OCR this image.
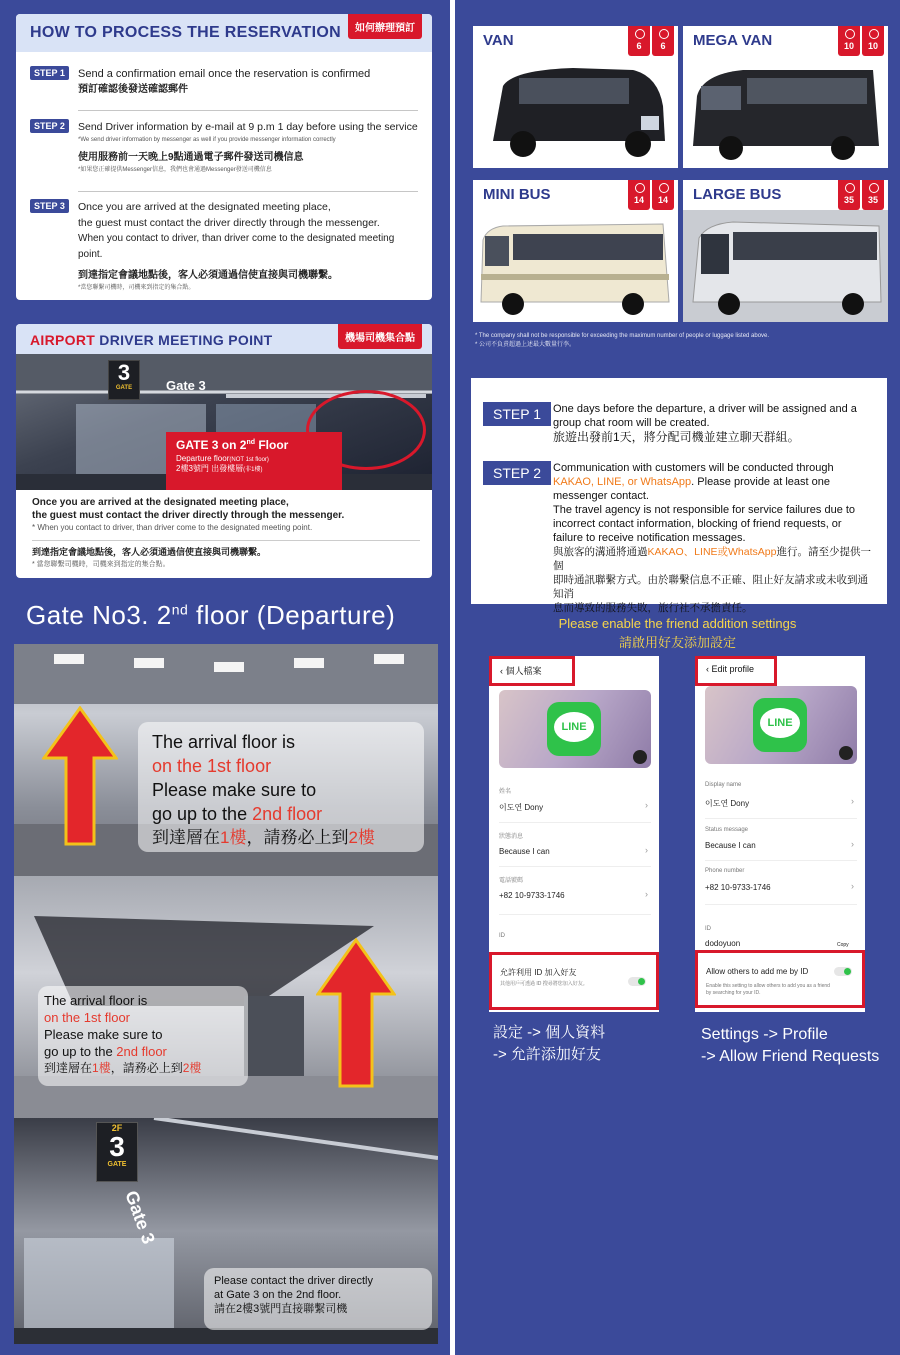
HOW TO PROCESS THE RESERVATION	如何辦理預訂
STEP 1	Send a confirmation email once the reservation is confirmed
預訂確認後發送確認郵件
STEP 2	Send Driver information by e-mail at 9 p.m 1 day before using the service
*We send driver information by messenger as well if you provide messenger information correctly
使用服務前一天晚上9點通過電子郵件發送司機信息
*如果您正確提供Messenger信息，我們也會通過Messenger發送司機信息
STEP 3	Once you are arrived at the designated meeting place,
the guest must contact the driver directly through the messenger.
When you contact to driver, than driver come to the designated meeting point.
到達指定會議地點後，客人必須通過信使直接與司機聯繫。
*當您聯繫司機時，司機來到指定的集合點。
AIRPORT DRIVER MEETING POINT	機場司機集合點
3
GATE	Gate 3
GATE 3 on 2nd Floor
Departure floor(NOT 1st floor)
2樓3號門 出發樓層(非1樓)
Once you are arrived at the designated meeting place,
the guest must contact the driver directly through the messenger.
* When you contact to driver, than driver come to the designated meeting point.
到達指定會議地點後，客人必須通過信使直接與司機聯繫。
* 當您聯繫司機時，司機來到指定的集合點。
Gate No3. 2nd floor (Departure)
The arrival floor is
on the 1st floor
Please make sure to
go up to the 2nd floor
到達層在1樓，請務必上到2樓
The arrival floor is
on the 1st floor
Please make sure to
go up to the 2nd floor
到達層在1樓，請務必上到2樓
2F
3
GATE
Gate 3
Please contact the driver directly
at Gate 3 on the 2nd floor.
請在2樓3號門直接聯繫司機
VAN	6	6	MEGA VAN	10	10
MINI BUS	14	14	LARGE BUS	35	35
* The company shall not be responsible for exceeding the maximum number of people or luggage listed above.
* 公司不負責超過上述最大數量行李。
STEP 1	One days before the departure, a driver will be assigned and a
group chat room will be created.
旅遊出發前1天，將分配司機並建立聊天群組。
STEP 2	Communication with customers will be conducted through
KAKAO, LINE, or WhatsApp. Please provide at least one
messenger contact.
The travel agency is not responsible for service failures due to
incorrect contact information, blocking of friend requests, or
failure to receive notification messages.
與旅客的溝通將通過KAKAO、LINE或WhatsApp進行。請至少提供一個
即時通訊聯繫方式。由於聯繫信息不正確、阻止好友請求或未收到通知消
息而導致的服務失敗，旅行社不承擔責任。
Please enable the friend addition settings
請啟用好友添加設定
‹ 個人檔案
LINE
姓名
이도연 Dony	›
狀態消息
Because I can	›
電話號碼
+82 10-9733-1746	›
ID
允許利用 ID 加入好友
其他用戶可透過 ID 搜尋將您加入好友。
‹ Edit profile
LINE
Display name
이도연 Dony	›
Status message
Because I can	›
Phone number
+82 10-9733-1746	›
ID
dodoyuon	Copy
Allow others to add me by ID
Enable this setting to allow others to add you as a friend
by searching for your ID.
設定 -> 個人資料
-> 允許添加好友
Settings -> Profile
-> Allow Friend Requests
